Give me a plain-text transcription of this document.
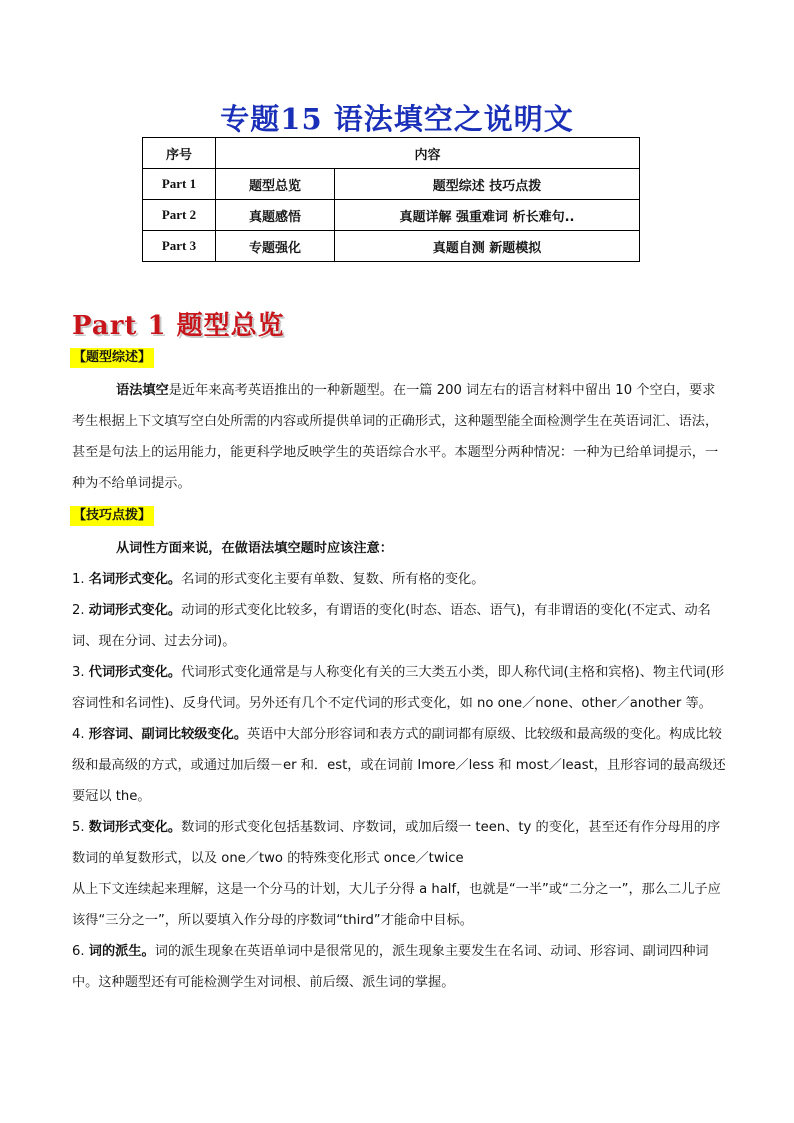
专题15 语法填空之说明文
序号	内容	
Part 1	题型总览	题型综述 技巧点拨
Part 2	真题感悟	真题详解 强重难词 析长难句..
Part 3	专题强化	真题自测 新题模拟
Part 1 题型总览
【题型综述】

语法填空是近年来高考英语推出的一种新题型。在一篇 200 词左右的语言材料中留出 10 个空白，要求考生根据上下文填写空白处所需的内容或所提供单词的正确形式，这种题型能全面检测学生在英语词汇、语法，甚至是句法上的运用能力，能更科学地反映学生的英语综合水平。本题型分两种情况：一种为已给单词提示，一种为不给单词提示。

【技巧点拨】

从词性方面来说，在做语法填空题时应该注意：

1. 名词形式变化。名词的形式变化主要有单数、复数、所有格的变化。

2. 动词形式变化。动词的形式变化比较多，有谓语的变化(时态、语态、语气)，有非谓语的变化(不定式、动名词、现在分词、过去分词)。

3. 代词形式变化。代词形式变化通常是与人称变化有关的三大类五小类，即人称代词(主格和宾格)、物主代词(形容词性和名词性)、反身代词。另外还有几个不定代词的形式变化，如 no one／none、other／another 等。

4. 形容词、副词比较级变化。英语中大部分形容词和表方式的副词都有原级、比较级和最高级的变化。构成比较级和最高级的方式，或通过加后缀－er 和．est，或在词前 Imore／less 和 most／least，且形容词的最高级还要冠以 the。

5. 数词形式变化。数词的形式变化包括基数词、序数词，或加后缀一 teen、ty 的变化，甚至还有作分母用的序数词的单复数形式，以及 one／two 的特殊变化形式 once／twice

从上下文连续起来理解，这是一个分马的计划，大儿子分得 a half，也就是“一半”或“二分之一”，那么二儿子应该得“三分之一”，所以要填入作分母的序数词“third”才能命中目标。

6. 词的派生。词的派生现象在英语单词中是很常见的，派生现象主要发生在名词、动词、形容词、副词四种词中。这种题型还有可能检测学生对词根、前后缀、派生词的掌握。
